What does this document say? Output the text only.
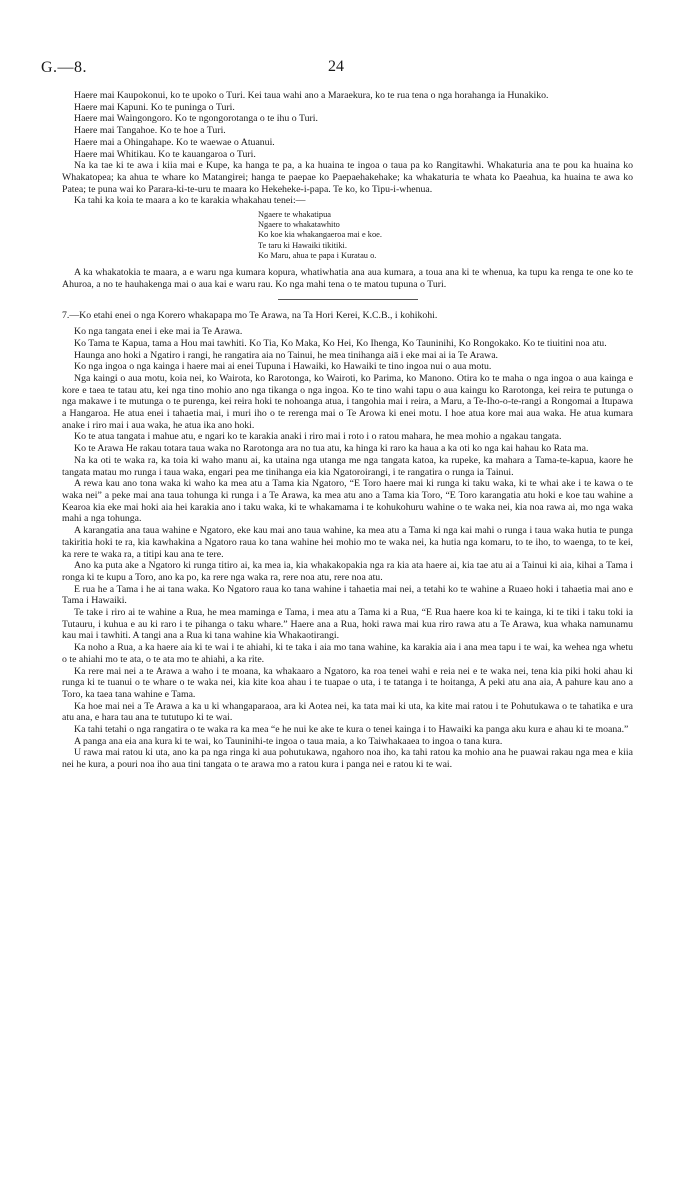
G.—8.	24

Haere mai Kaupokonui, ko te upoko o Turi. Kei taua wahi ano a Maraekura, ko te rua tena o nga horahanga ia Hunakiko.

Haere mai Kapuni. Ko te puninga o Turi.

Haere mai Waingongoro. Ko te ngongorotanga o te ihu o Turi.

Haere mai Tangahoe. Ko te hoe a Turi.

Haere mai a Ohingahape. Ko te waewae o Atuanui.

Haere mai Whitikau. Ko te kauangaroa o Turi.

Na ka tae ki te awa i kiia mai e Kupe, ka hanga te pa, a ka huaina te ingoa o taua pa ko Rangitawhi. Whakaturia ana te pou ka huaina ko Whakatopea; ka ahua te whare ko Matangirei; hanga te paepae ko Paepaehakehake; ka whakaturia te whata ko Paeahua, ka huaina te awa ko Patea; te puna wai ko Parara-ki-te-uru te maara ko Hekeheke-i-papa. Te ko, ko Tipu-i-whenua.

Ka tahi ka koia te maara a ko te karakia whakahau tenei:—

Ngaere te whakatipua
Ngaere to whakatawhito
Ko koe kia whakangaeroa mai e koe.
Te taru ki Hawaiki tikitiki.
Ko Maru, ahua te papa i Kuratau o.

A ka whakatokia te maara, a e waru nga kumara kopura, whatiwhatia ana aua kumara, a toua ana ki te whenua, ka tupu ka renga te one ko te Ahuroa, a no te hauhakenga mai o aua kai e waru rau. Ko nga mahi tena o te matou tupuna o Turi.

7.—Ko etahi enei o nga Korero whakapapa mo Te Arawa, na Ta Hori Kerei, K.C.B., i kohikohi.

Ko nga tangata enei i eke mai ia Te Arawa.

Ko Tama te Kapua, tama a Hou mai tawhiti. Ko Tia, Ko Maka, Ko Hei, Ko Ihenga, Ko Tauninihi, Ko Rongokako. Ko te tiuitini noa atu.

Haunga ano hoki a Ngatiro i rangi, he rangatira aia no Tainui, he mea tinihanga aiā i eke mai ai ia Te Arawa.

Ko nga ingoa o nga kainga i haere mai ai enei Tupuna i Hawaiki, ko Hawaiki te tino ingoa nui o aua motu.

Nga kaingi o aua motu, koia nei, ko Wairota, ko Rarotonga, ko Wairoti, ko Parima, ko Manono. Otira ko te maha o nga ingoa o aua kainga e kore e taea te tatau atu, kei nga tino mohio ano nga tikanga o nga ingoa. Ko te tino wahi tapu o aua kaingu ko Rarotonga, kei reira te putunga o nga makawe i te mutunga o te purenga, kei reira hoki te nohoanga atua, i tangohia mai i reira, a Maru, a Te-Iho-o-te-rangi a Rongomai a Itupawa a Hangaroa. He atua enei i tahaetia mai, i muri iho o te rerenga mai o Te Arowa ki enei motu. I hoe atua kore mai aua waka. He atua kumara anake i riro mai i aua waka, he atua ika ano hoki.

Ko te atua tangata i mahue atu, e ngari ko te karakia anaki i riro mai i roto i o ratou mahara, he mea mohio a ngakau tangata.

Ko te Arawa He rakau totara taua waka no Rarotonga ara no tua atu, ka hinga ki raro ka haua a ka oti ko nga kai hahau ko Rata ma.

Na ka oti te waka ra, ka toia ki waho manu ai, ka utaina nga utanga me nga tangata katoa, ka rupeke, ka mahara a Tama-te-kapua, kaore he tangata matau mo runga i taua waka, engari pea me tinihanga eia kia Ngatoroirangi, i te rangatira o runga ia Tainui.

A rewa kau ano tona waka ki waho ka mea atu a Tama kia Ngatoro, “E Toro haere mai ki runga ki taku waka, ki te whai ake i te kawa o te waka nei” a peke mai ana taua tohunga ki runga i a Te Arawa, ka mea atu ano a Tama kia Toro, “E Toro karangatia atu hoki e koe tau wahine a Kearoa kia eke mai hoki aia hei karakia ano i taku waka, ki te whakamama i te kohukohuru wahine o te waka nei, kia noa rawa ai, mo nga waka mahi a nga tohunga.

A karangatia ana taua wahine e Ngatoro, eke kau mai ano taua wahine, ka mea atu a Tama ki nga kai mahi o runga i taua waka hutia te punga takiritia hoki te ra, kia kawhakina a Ngatoro raua ko tana wahine hei mohio mo te waka nei, ka hutia nga komaru, to te iho, to waenga, to te kei, ka rere te waka ra, a titipi kau ana te tere.

Ano ka puta ake a Ngatoro ki runga titiro ai, ka mea ia, kia whakakopakia nga ra kia ata haere ai, kia tae atu ai a Tainui ki aia, kihai a Tama i ronga ki te kupu a Toro, ano ka po, ka rere nga waka ra, rere noa atu, rere noa atu.

E rua he a Tama i he ai tana waka. Ko Ngatoro raua ko tana wahine i tahaetia mai nei, a tetahi ko te wahine a Ruaeo hoki i tahaetia mai ano e Tama i Hawaiki.

Te take i riro ai te wahine a Rua, he mea maminga e Tama, i mea atu a Tama ki a Rua, “E Rua haere koa ki te kainga, ki te tiki i taku toki ia Tutauru, i kuhua e au ki raro i te pihanga o taku whare.” Haere ana a Rua, hoki rawa mai kua riro rawa atu a Te Arawa, kua whaka namunamu kau mai i tawhiti. A tangi ana a Rua ki tana wahine kia Whakaotirangi.

Ka noho a Rua, a ka haere aia ki te wai i te ahiahi, ki te taka i aia mo tana wahine, ka karakia aia i ana mea tapu i te wai, ka wehea nga whetu o te ahiahi mo te ata, o te ata mo te ahiahi, a ka rite.

Ka rere mai nei a te Arawa a waho i te moana, ka whakaaro a Ngatoro, ka roa tenei wahi e reia nei e te waka nei, tena kia piki hoki ahau ki runga ki te tuanui o te whare o te waka nei, kia kite koa ahau i te tuapae o uta, i te tatanga i te hoitanga, A peki atu ana aia, A pahure kau ano a Toro, ka taea tana wahine e Tama.

Ka hoe mai nei a Te Arawa a ka u ki whangaparaoa, ara ki Aotea nei, ka tata mai ki uta, ka kite mai ratou i te Pohutukawa o te tahatika e ura atu ana, e hara tau ana te tututupo ki te wai.

Ka tahi tetahi o nga rangatira o te waka ra ka mea “e he nui ke ake te kura o tenei kainga i to Hawaiki ka panga aku kura e ahau ki te moana.”

A panga ana eia ana kura ki te wai, ko Tauninihi-te ingoa o taua maia, a ko Taiwhakaaea to ingoa o tana kura.

U rawa mai ratou ki uta, ano ka pa nga ringa ki aua pohutukawa, ngahoro noa iho, ka tahi ratou ka mohio ana he puawai rakau nga mea e kiia nei he kura, a pouri noa iho aua tini tangata o te arawa mo a ratou kura i panga nei e ratou ki te wai.
